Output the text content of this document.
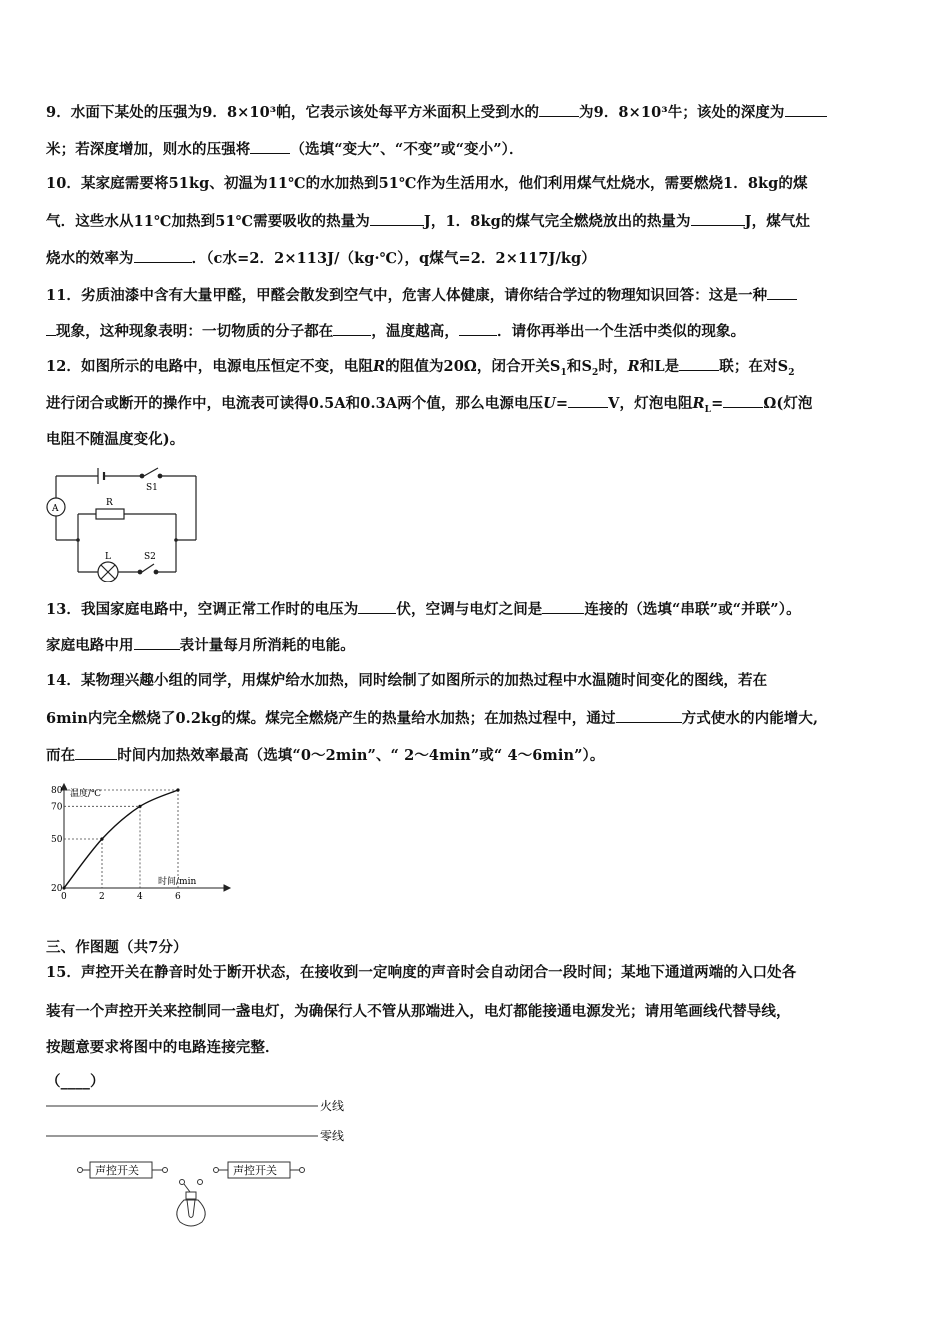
9．水面下某处的压强为9．8×10³帕，它表示该处每平方米面积上受到水的	为9．8×10³牛；该处的深度为
米；若深度增加，则水的压强将	（选填“变大”、“不变”或“变小”）．
10．某家庭需要将51kg、初温为11℃的水加热到51℃作为生活用水，他们利用煤气灶烧水，需要燃烧1．8kg的煤
气．这些水从11℃加热到51℃需要吸收的热量为	J，1．8kg的煤气完全燃烧放出的热量为	J，煤气灶
烧水的效率为	．（c水=2．2×113J/（kg·℃），q煤气=2．2×117J/kg）
11．劣质油漆中含有大量甲醛，甲醛会散发到空气中，危害人体健康，请你结合学过的物理知识回答：这是一种
现象，这种现象表明：一切物质的分子都在	，温度越高，	．请你再举出一个生活中类似的现象。
12．如图所示的电路中，电源电压恒定不变，电阻R的阻值为20Ω，闭合开关$S_1$和$S_2$时，R和L是	联；在对$S_2$
进行闭合或断开的操作中，电流表可读得0.5A和0.3A两个值，那么电源电压U=	V，灯泡电阻$R_L=$	Ω(灯泡
电阻不随温度变化)。
A
R
L
S1
S2
13．我国家庭电路中，空调正常工作时的电压为	伏，空调与电灯之间是	连接的（选填“串联”或“并联”）。
家庭电路中用	表计量每月所消耗的电能。
14．某物理兴趣小组的同学，用煤炉给水加热，同时绘制了如图所示的加热过程中水温随时间变化的图线，若在
6min内完全燃烧了0.2kg的煤。煤完全燃烧产生的热量给水加热；在加热过程中，通过	方式使水的内能增大,
而在	时间内加热效率最高（选填“0～2min”、“ 2～4min”或“ 4～6min”）。
0	2	4	6
20
50
70
80 温度/℃
时间/min
三、作图题（共7分）
15．声控开关在静音时处于断开状态，在接收到一定响度的声音时会自动闭合一段时间；某地下通道两端的入口处各
装有一个声控开关来控制同一盏电灯，为确保行人不管从那端进入，电灯都能接通电源发光；请用笔画线代替导线，
按题意要求将图中的电路连接完整．
（____）
火线
零线
声控开关	声控开关
